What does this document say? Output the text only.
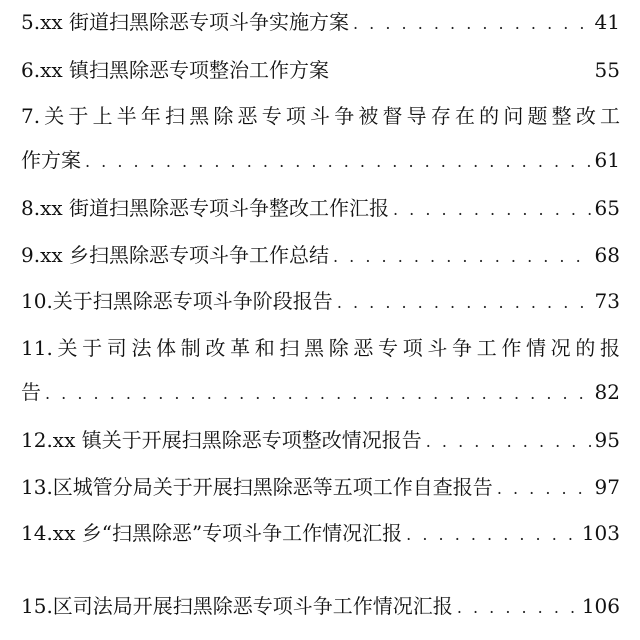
5.xx 街道扫黑除恶专项斗争实施方案 . . .	41
6.xx 镇扫黑除恶专项整治工作方案	55
7.关于上半年扫黑除恶专项斗争被督导存在的问题整改工
作方案 . . .	61
8.xx 街道扫黑除恶专项斗争整改工作汇报 . . .	65
9.xx 乡扫黑除恶专项斗争工作总结 . . .	68
10.关于扫黑除恶专项斗争阶段报告 . . .	73
11.关于司法体制改革和扫黑除恶专项斗争工作情况的报
告 . . .	82
12.xx 镇关于开展扫黑除恶专项整改情况报告 . . .	95
13.区城管分局关于开展扫黑除恶等五项工作自查报告 . . .	97
14.xx 乡“扫黑除恶”专项斗争工作情况汇报 . . .	103
15.区司法局开展扫黑除恶专项斗争工作情况汇报 . . .	106
